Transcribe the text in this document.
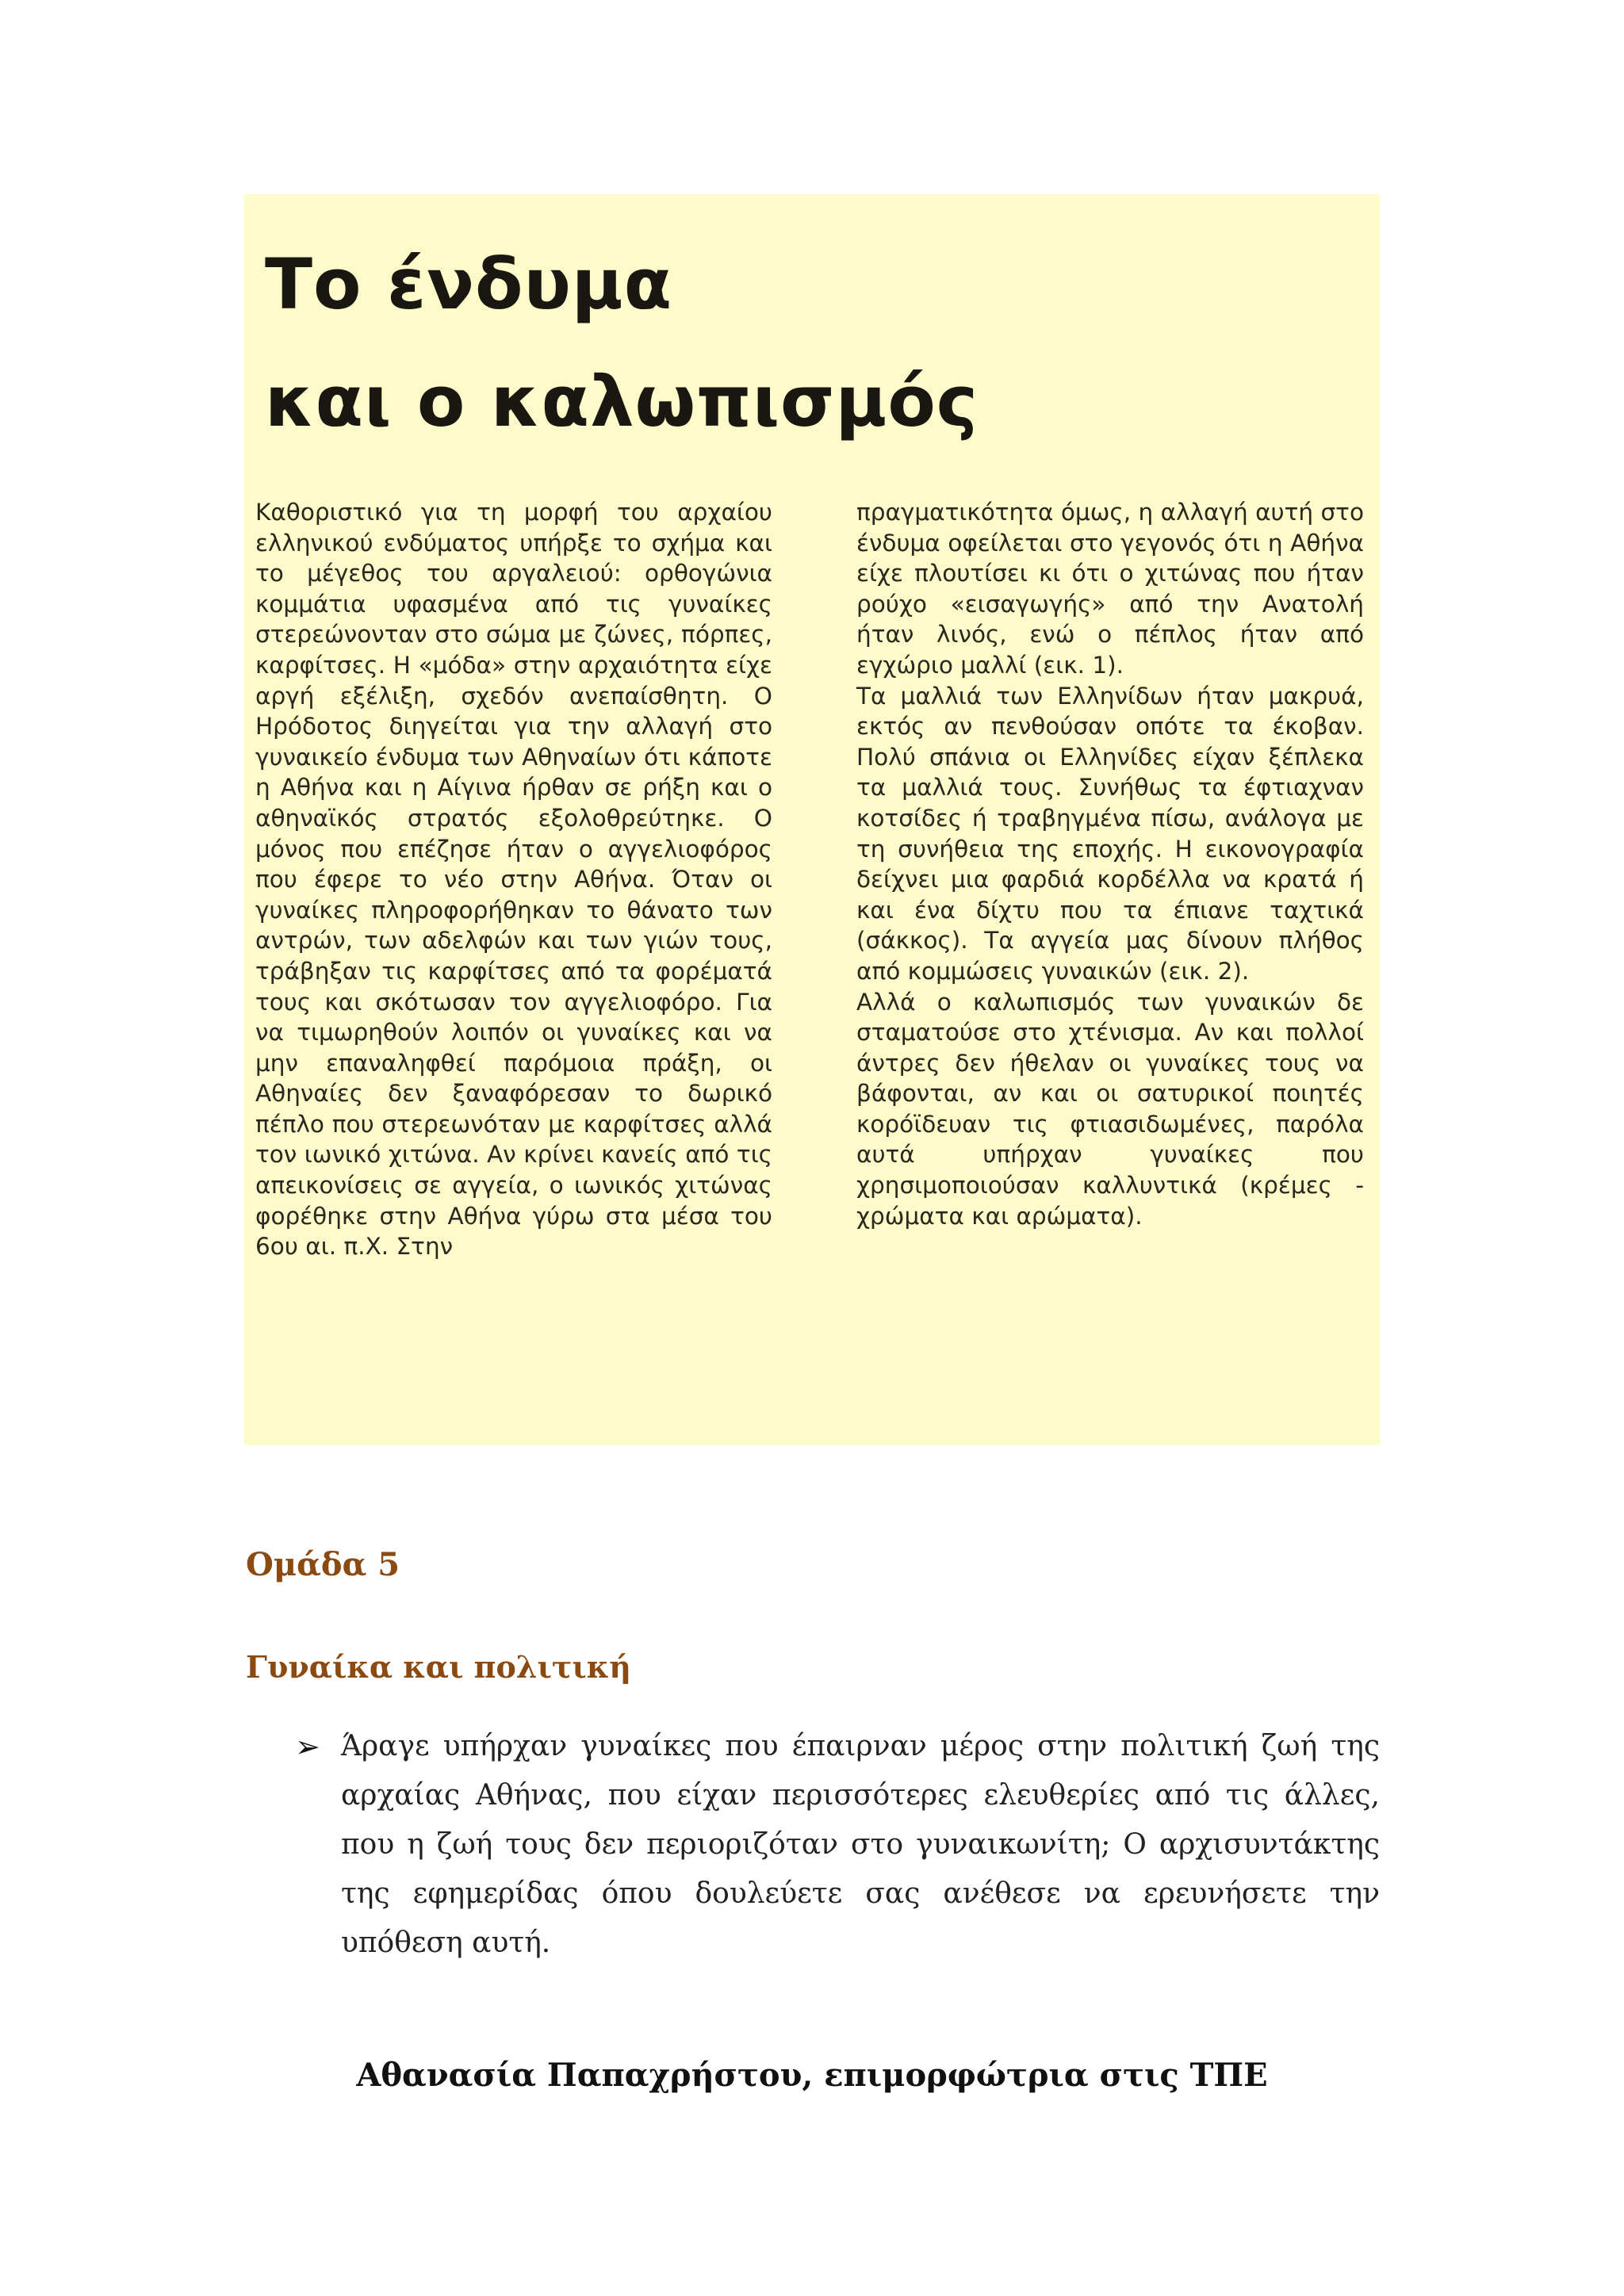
Το ένδυμα
και ο καλωπισμός

Καθοριστικό για τη μορφή του αρχαίου ελληνικού ενδύματος υπήρξε το σχήμα και το μέγεθος του αργαλειού: ορθογώνια κομμάτια υφασμένα από τις γυναίκες στερεώνονταν στο σώμα με ζώνες, πόρπες, καρφίτσες. Η «μόδα» στην αρχαιότητα είχε αργή εξέλιξη, σχεδόν ανεπαίσθητη. Ο Ηρόδοτος διηγείται για την αλλαγή στο γυναικείο ένδυμα των Αθηναίων ότι κάποτε η Αθήνα και η Αίγινα ήρθαν σε ρήξη και ο αθηναϊκός στρατός εξολοθρεύτηκε. Ο μόνος που επέζησε ήταν ο αγγελιοφόρος που έφερε το νέο στην Αθήνα. Όταν οι γυναίκες πληροφορήθηκαν το θάνατο των αντρών, των αδελφών και των γιών τους, τράβηξαν τις καρφίτσες από τα φορέματά τους και σκότωσαν τον αγγελιοφόρο. Για να τιμωρηθούν λοιπόν οι γυναίκες και να μην επαναληφθεί παρόμοια πράξη, οι Αθηναίες δεν ξαναφόρεσαν το δωρικό πέπλο που στερεωνόταν με καρφίτσες αλλά τον ιωνικό χιτώνα. Αν κρίνει κανείς από τις απεικονίσεις σε αγγεία, ο ιωνικός χιτώνας φορέθηκε στην Αθήνα γύρω στα μέσα του 6ου αι. π.Χ. Στην

πραγματικότητα όμως, η αλλαγή αυτή στο ένδυμα οφείλεται στο γεγονός ότι η Αθήνα είχε πλουτίσει κι ότι ο χιτώνας που ήταν ρούχο «εισαγωγής» από την Ανατολή ήταν λινός, ενώ ο πέπλος ήταν από εγχώριο μαλλί (εικ. 1).

Τα μαλλιά των Ελληνίδων ήταν μακρυά, εκτός αν πενθούσαν οπότε τα έκοβαν. Πολύ σπάνια οι Ελληνίδες είχαν ξέπλεκα τα μαλλιά τους. Συνήθως τα έφτιαχναν κοτσίδες ή τραβηγμένα πίσω, ανάλογα με τη συνήθεια της εποχής. Η εικονογραφία δείχνει μια φαρδιά κορδέλλα να κρατά ή και ένα δίχτυ που τα έπιανε ταχτικά (σάκκος). Τα αγγεία μας δίνουν πλήθος από κομμώσεις γυναικών (εικ. 2).

Αλλά ο καλωπισμός των γυναικών δε σταματούσε στο χτένισμα. Αν και πολλοί άντρες δεν ήθελαν οι γυναίκες τους να βάφονται, αν και οι σατυρικοί ποιητές κορόϊδευαν τις φτιασιδωμένες, παρόλα αυτά υπήρχαν γυναίκες που χρησιμοποιούσαν καλλυντικά (κρέμες - χρώματα και αρώματα).

Ομάδα 5
Γυναίκα και πολιτική
➢ Άραγε υπήρχαν γυναίκες που έπαιρναν μέρος στην πολιτική ζωή της αρχαίας Αθήνας, που είχαν περισσότερες ελευθερίες από τις άλλες, που η ζωή τους δεν περιοριζόταν στο γυναικωνίτη; Ο αρχισυντάκτης της εφημερίδας όπου δουλεύετε σας ανέθεσε να ερευνήσετε την υπόθεση αυτή.

Αθανασία Παπαχρήστου, επιμορφώτρια στις ΤΠΕ
